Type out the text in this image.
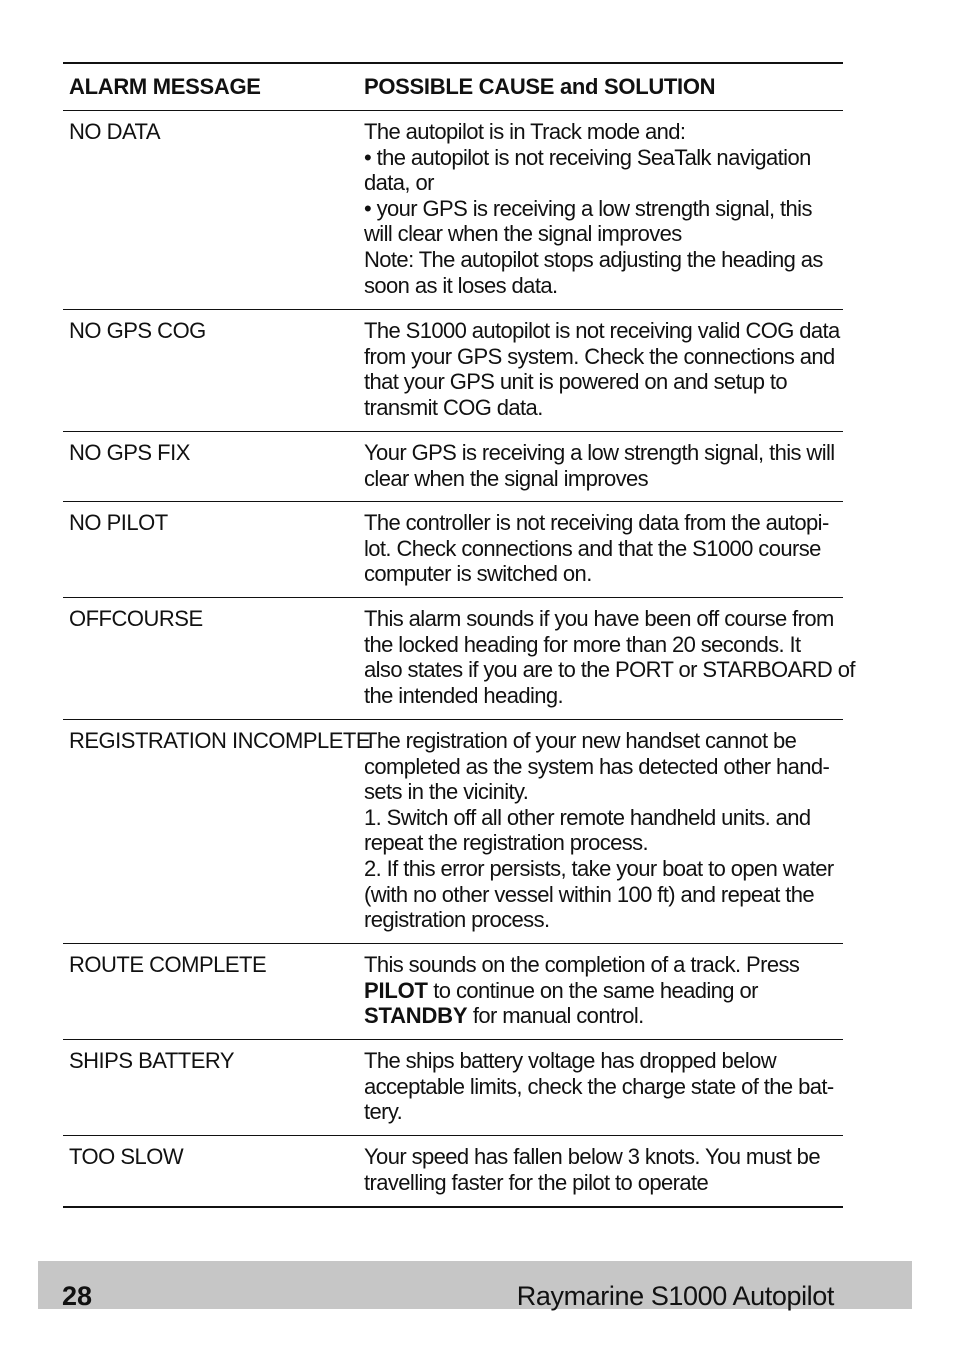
ALARM MESSAGE	POSSIBLE CAUSE and SOLUTION
NO DATA	The autopilot is in Track mode and:
• the autopilot is not receiving SeaTalk navigation
data, or
• your GPS is receiving a low strength signal, this
will clear when the signal improves
Note: The autopilot stops adjusting the heading as
soon as it loses data.
NO GPS COG	The S1000 autopilot is not receiving valid COG data
from your GPS system. Check the connections and
that your GPS unit is powered on and setup to
transmit COG data.
NO GPS FIX	Your GPS is receiving a low strength signal, this will
clear when the signal improves
NO PILOT	The controller is not receiving data from the autopi-
lot. Check connections and that the S1000 course
computer is switched on.
OFFCOURSE	This alarm sounds if you have been off course from
the locked heading for more than 20 seconds. It
also states if you are to the PORT or STARBOARD of
the intended heading.
REGISTRATION INCOMPLETE
The registration of your new handset cannot be
completed as the system has detected other hand-
sets in the vicinity.
1. Switch off all other remote handheld units. and
repeat the registration process.
2. If this error persists, take your boat to open water
(with no other vessel within 100 ft) and repeat the
registration process.
ROUTE COMPLETE	This sounds on the completion of a track. Press
PILOT to continue on the same heading or
STANDBY for manual control.
SHIPS BATTERY	The ships battery voltage has dropped below
acceptable limits, check the charge state of the bat-
tery.
TOO SLOW	Your speed has fallen below 3 knots. You must be
travelling faster for the pilot to operate
28	Raymarine S1000 Autopilot
